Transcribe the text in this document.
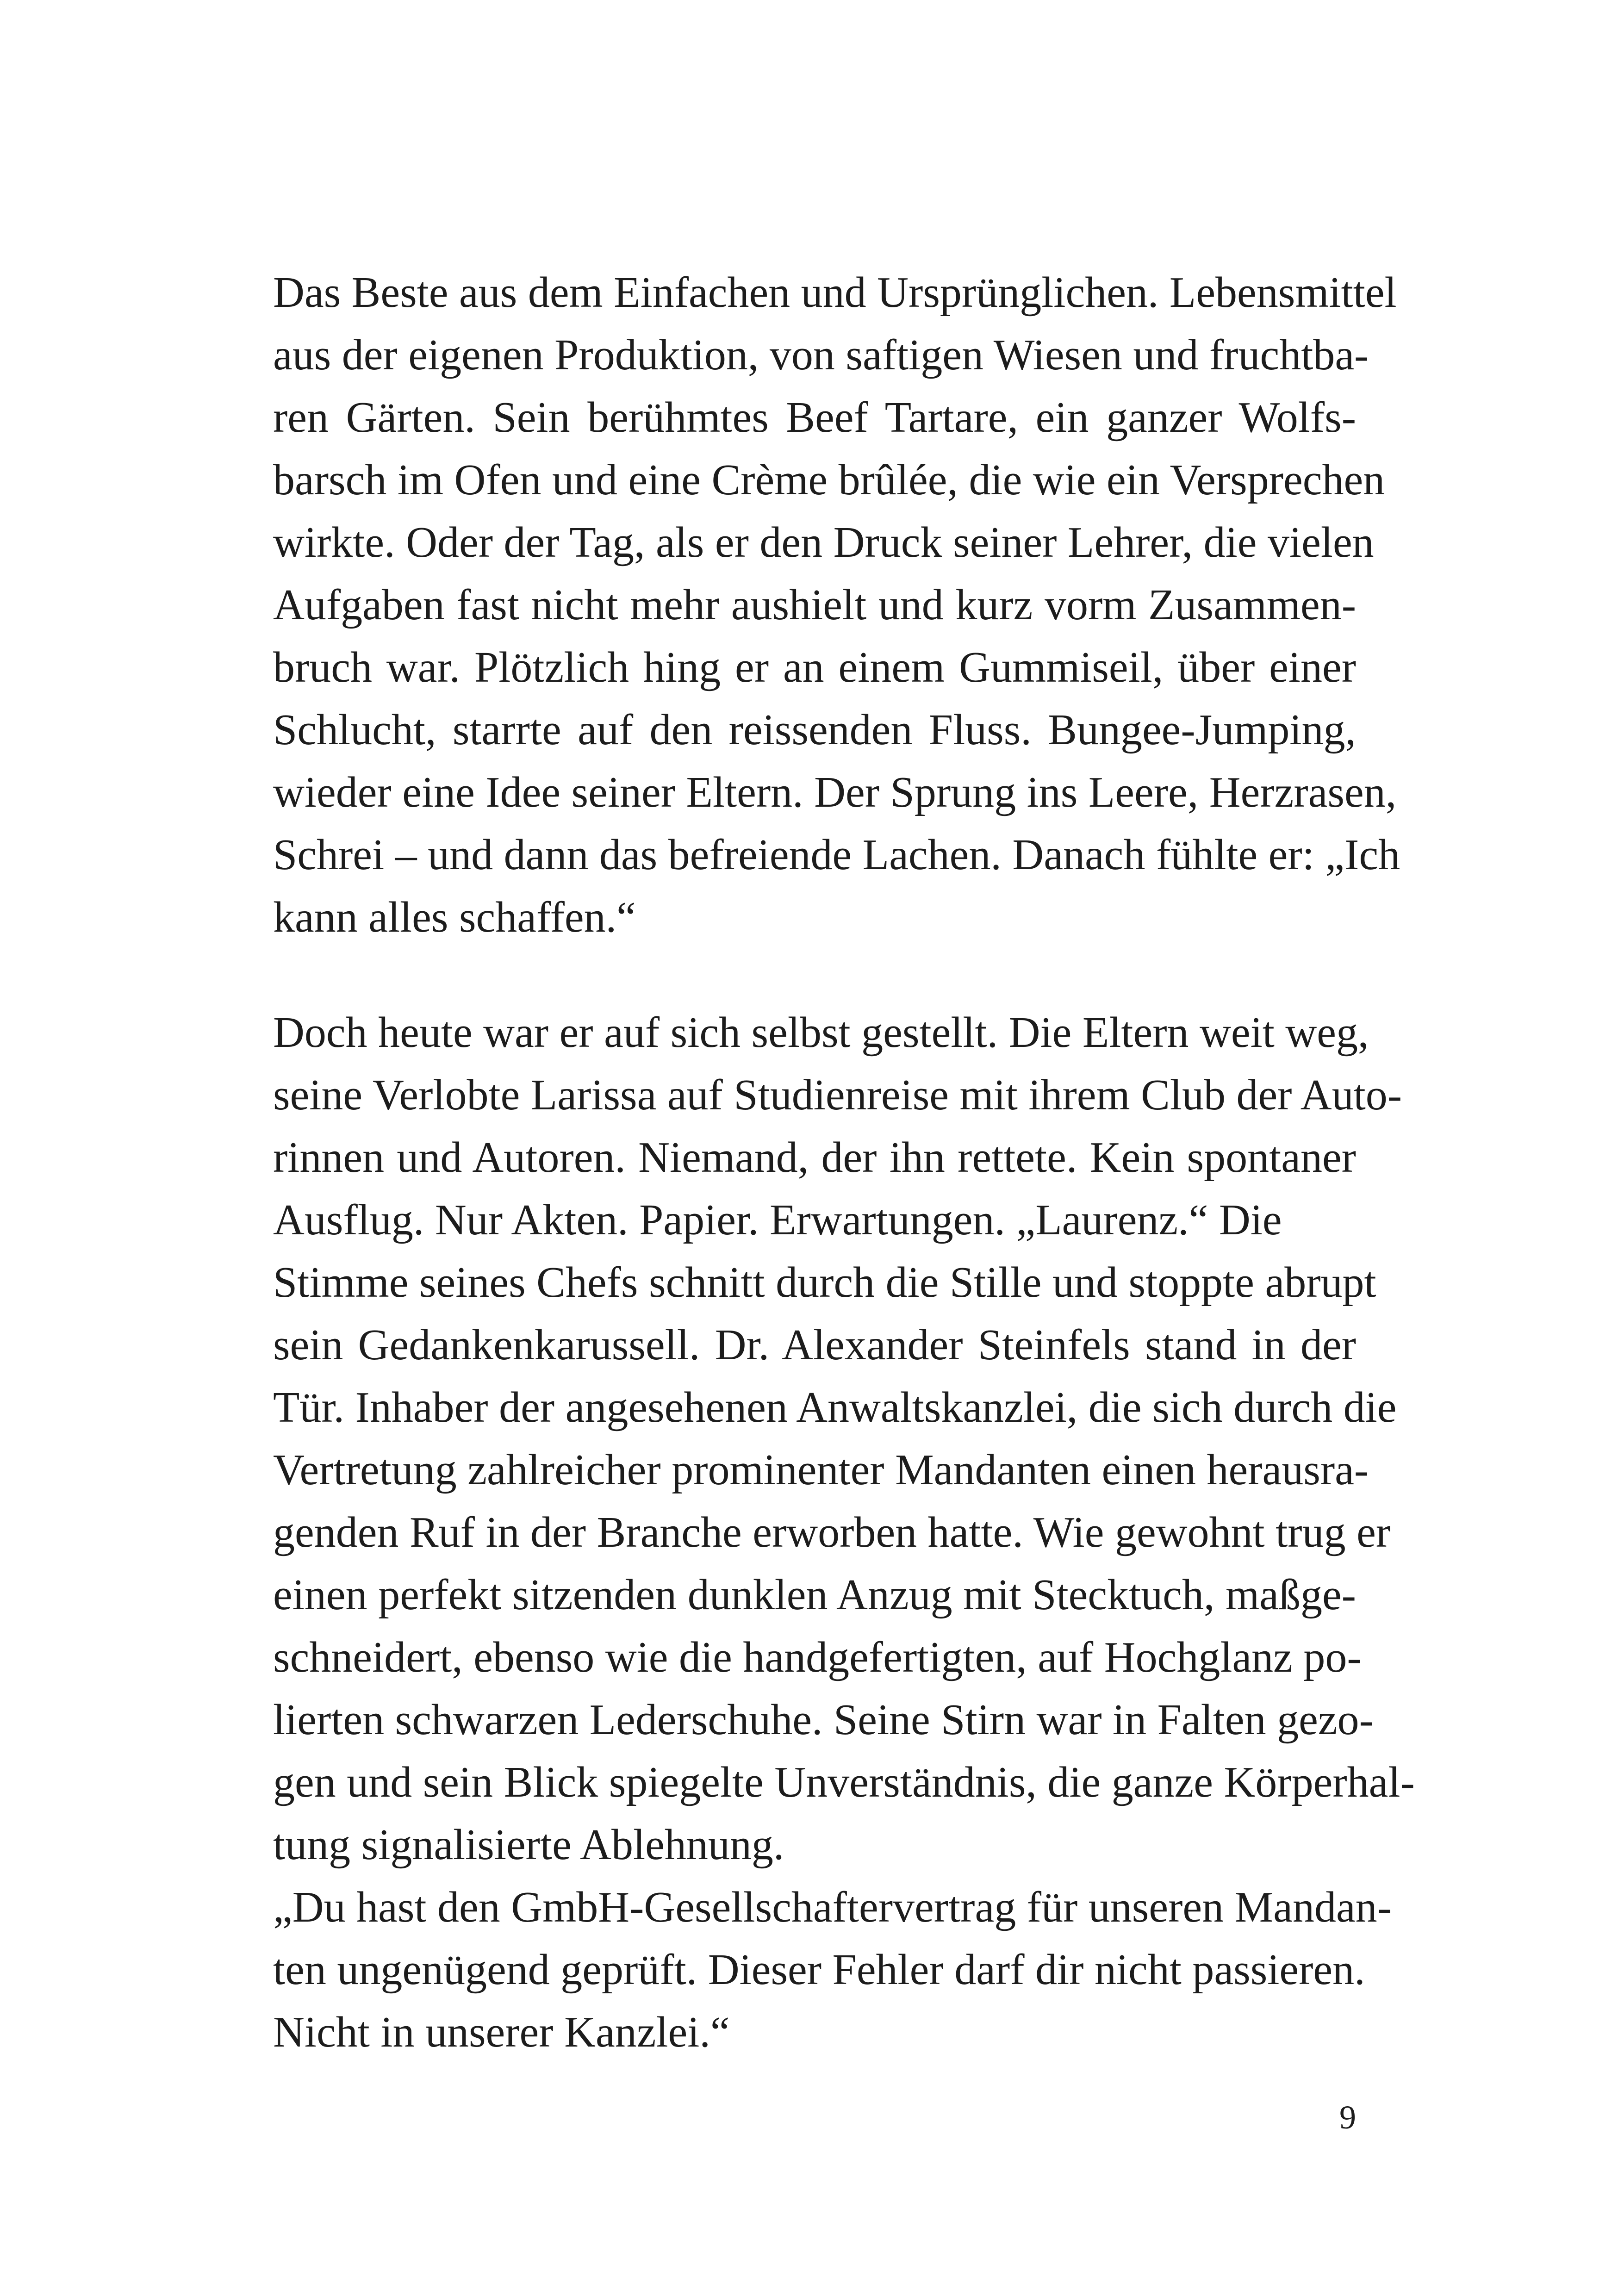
Das Beste aus dem Einfachen und Ursprünglichen. Lebensmittel
aus der eigenen Produktion, von saftigen Wiesen und fruchtba-
ren Gärten. Sein berühmtes Beef Tartare, ein ganzer Wolfs-
barsch im Ofen und eine Crème brûlée, die wie ein Versprechen
wirkte. Oder der Tag, als er den Druck seiner Lehrer, die vielen
Aufgaben fast nicht mehr aushielt und kurz vorm Zusammen-
bruch war. Plötzlich hing er an einem Gummiseil, über einer
Schlucht, starrte auf den reissenden Fluss. Bungee-Jumping,
wieder eine Idee seiner Eltern. Der Sprung ins Leere, Herzrasen,
Schrei – und dann das befreiende Lachen. Danach fühlte er: „Ich
kann alles schaffen.“
Doch heute war er auf sich selbst gestellt. Die Eltern weit weg,
seine Verlobte Larissa auf Studienreise mit ihrem Club der Auto-
rinnen und Autoren. Niemand, der ihn rettete. Kein spontaner
Ausflug. Nur Akten. Papier. Erwartungen. „Laurenz.“ Die
Stimme seines Chefs schnitt durch die Stille und stoppte abrupt
sein Gedankenkarussell. Dr. Alexander Steinfels stand in der
Tür. Inhaber der angesehenen Anwaltskanzlei, die sich durch die
Vertretung zahlreicher prominenter Mandanten einen herausra-
genden Ruf in der Branche erworben hatte. Wie gewohnt trug er
einen perfekt sitzenden dunklen Anzug mit Stecktuch, maßge-
schneidert, ebenso wie die handgefertigten, auf Hochglanz po-
lierten schwarzen Lederschuhe. Seine Stirn war in Falten gezo-
gen und sein Blick spiegelte Unverständnis, die ganze Körperhal-
tung signalisierte Ablehnung.
„Du hast den GmbH-Gesellschaftervertrag für unseren Mandan-
ten ungenügend geprüft. Dieser Fehler darf dir nicht passieren.
Nicht in unserer Kanzlei.“
9
